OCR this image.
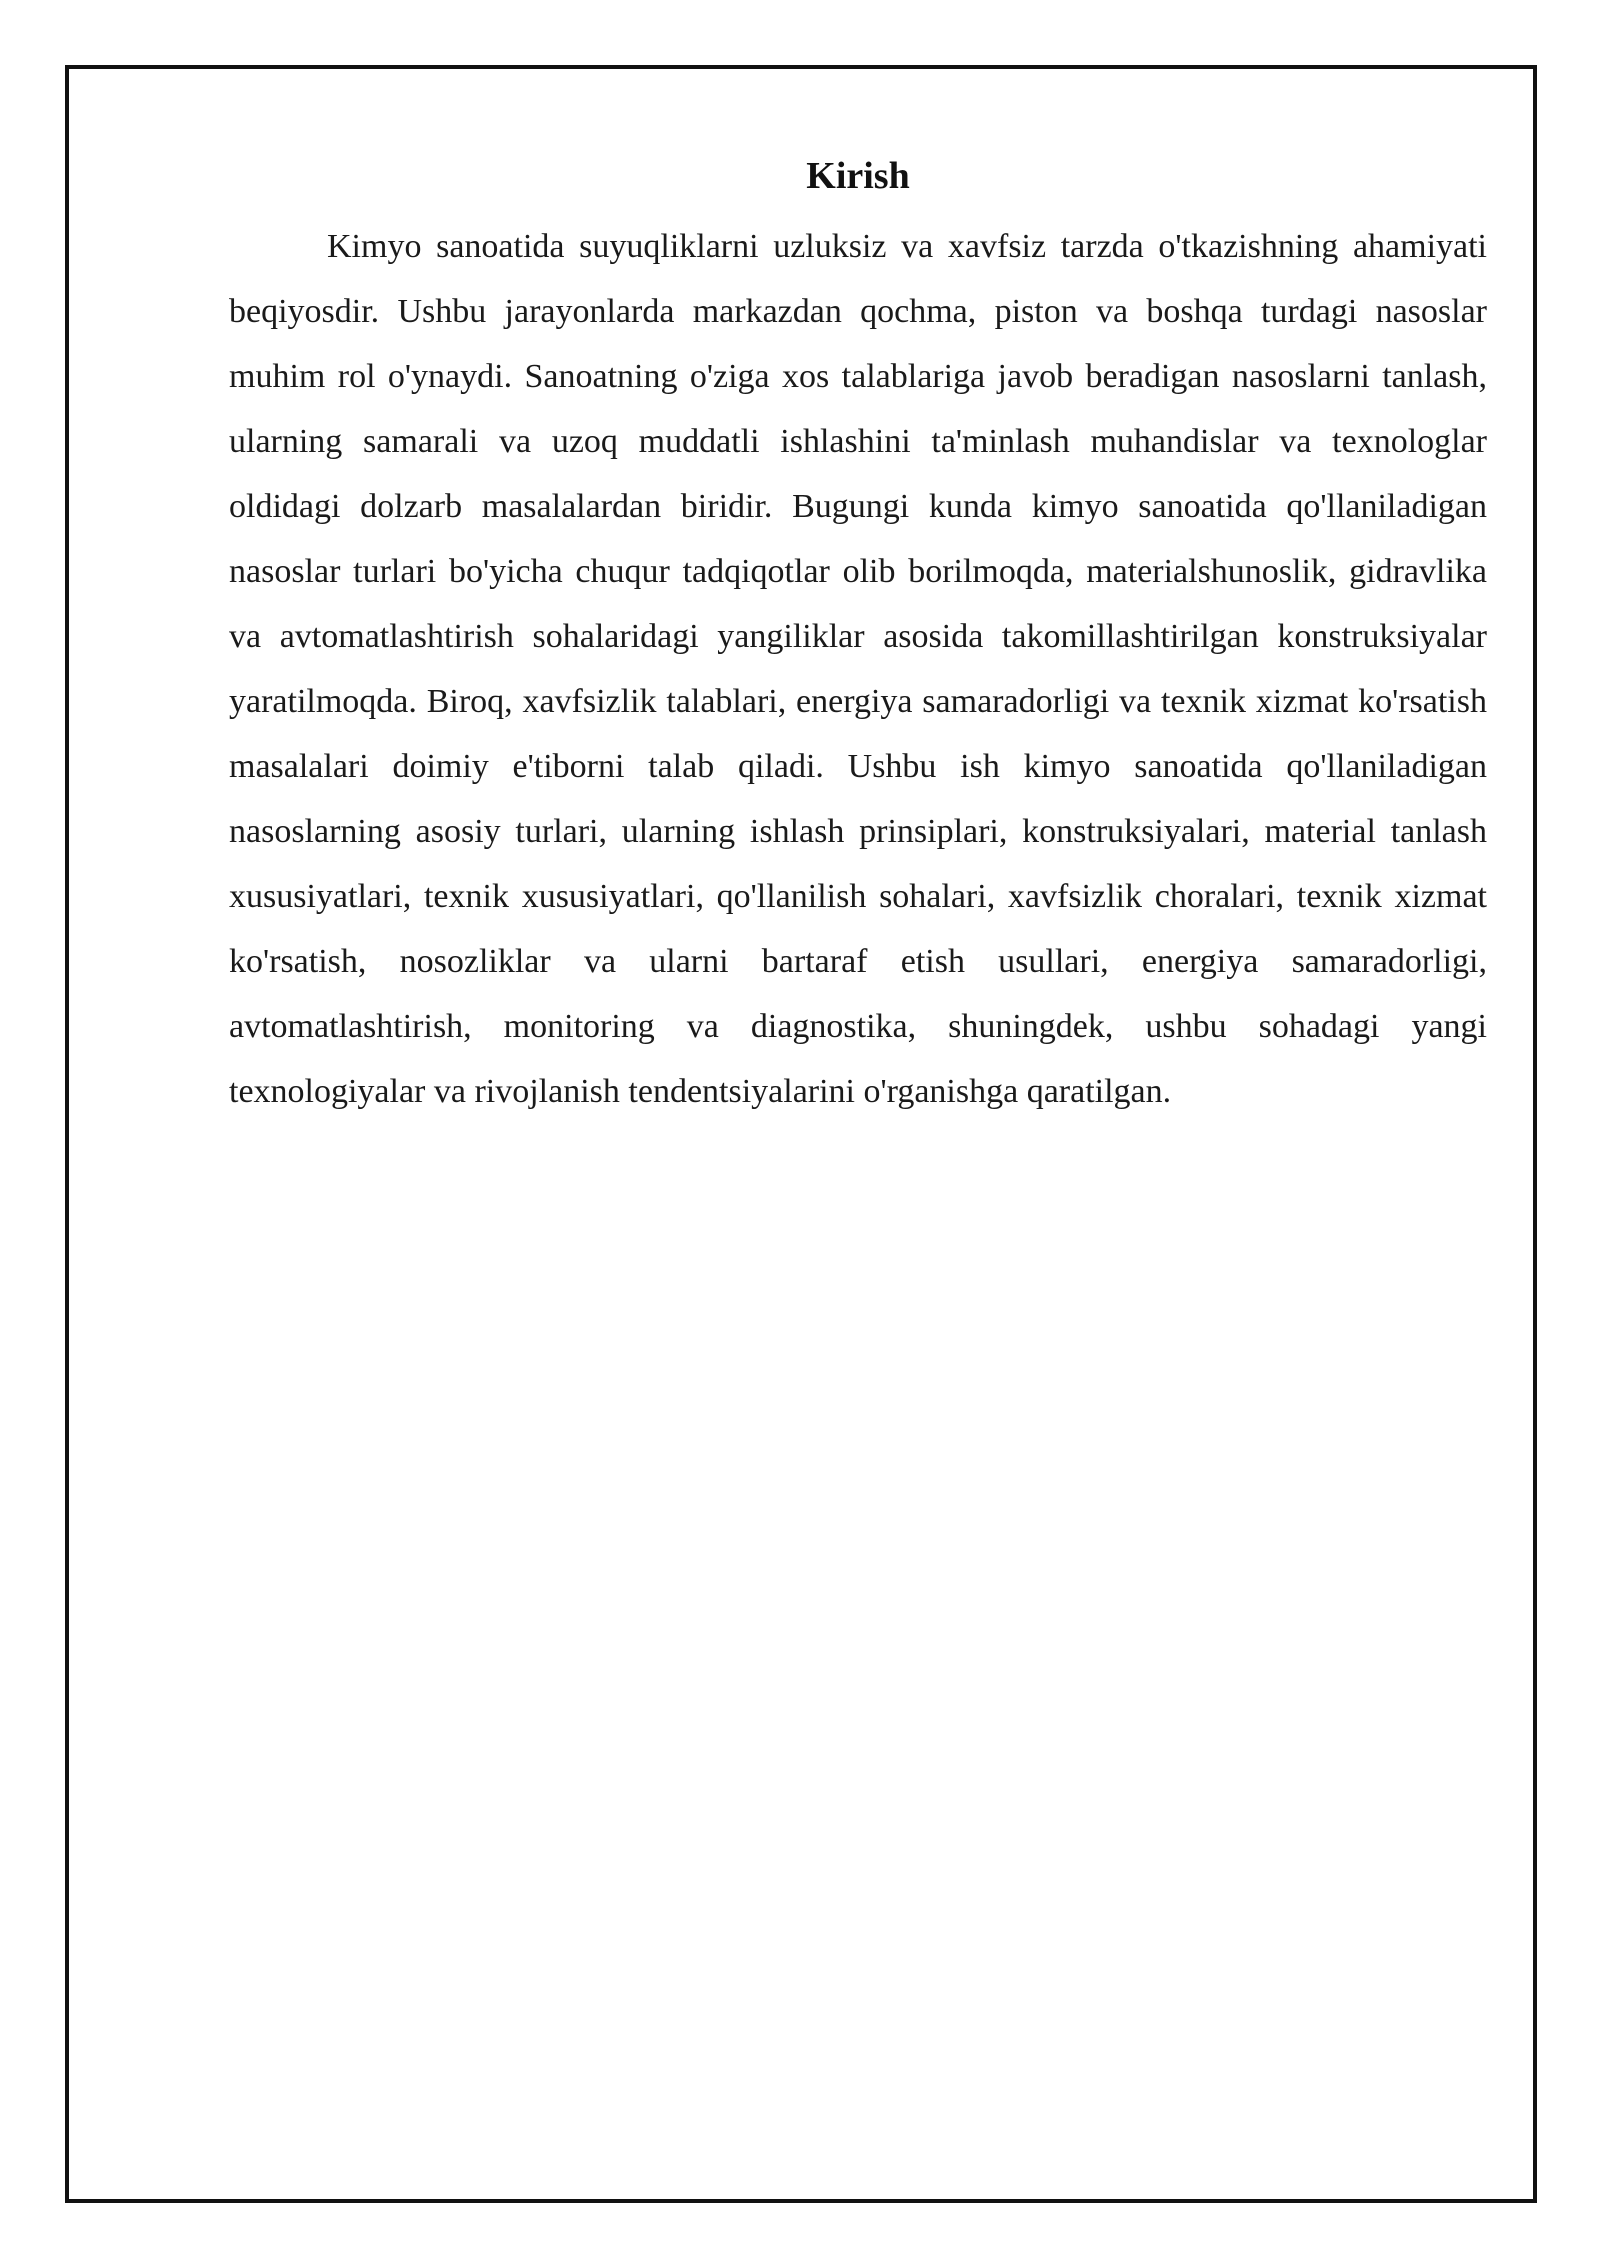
Kirish

Kimyo sanoatida suyuqliklarni uzluksiz va xavfsiz tarzda o'tkazishning ahamiyati beqiyosdir. Ushbu jarayonlarda markazdan qochma, piston va boshqa turdagi nasoslar muhim rol o'ynaydi. Sanoatning o'ziga xos talablariga javob beradigan nasoslarni tanlash, ularning samarali va uzoq muddatli ishlashini ta'minlash muhandislar va texnologlar oldidagi dolzarb masalalardan biridir. Bugungi kunda kimyo sanoatida qo'llaniladigan nasoslar turlari bo'yicha chuqur tadqiqotlar olib borilmoqda, materialshunoslik, gidravlika va avtomatlashtirish sohalaridagi yangiliklar asosida takomillashtirilgan konstruksiyalar yaratilmoqda. Biroq, xavfsizlik talablari, energiya samaradorligi va texnik xizmat ko'rsatish masalalari doimiy e'tiborni talab qiladi. Ushbu ish kimyo sanoatida qo'llaniladigan nasoslarning asosiy turlari, ularning ishlash prinsiplari, konstruksiyalari, material tanlash xususiyatlari, texnik xususiyatlari, qo'llanilish sohalari, xavfsizlik choralari, texnik xizmat ko'rsatish, nosozliklar va ularni bartaraf etish usullari, energiya samaradorligi, avtomatlashtirish, monitoring va diagnostika, shuningdek, ushbu sohadagi yangi texnologiyalar va rivojlanish tendentsiyalarini o'rganishga qaratilgan.
